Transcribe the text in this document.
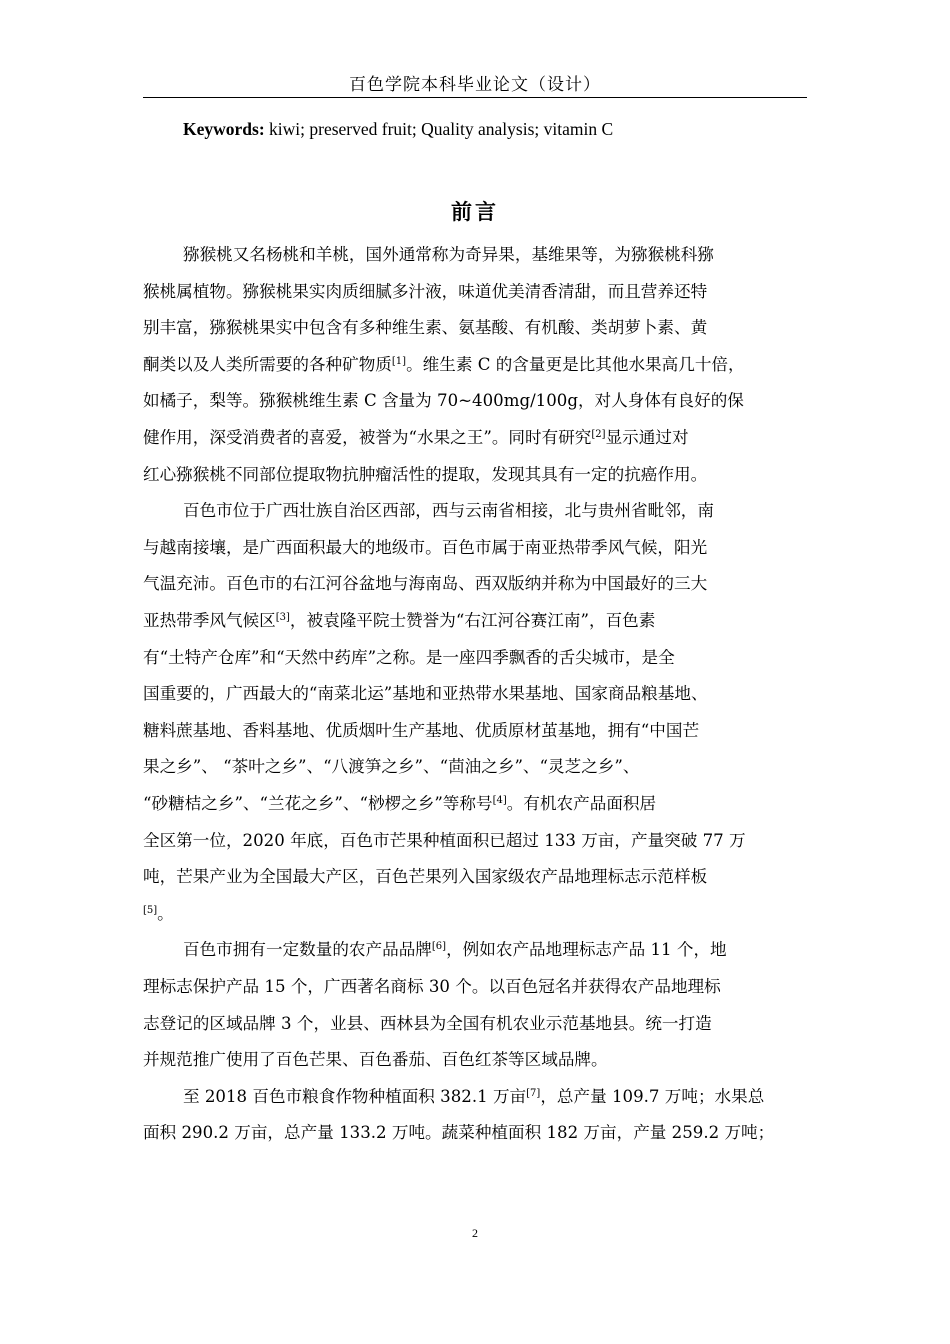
百色学院本科毕业论文（设计）
Keywords: kiwi; preserved fruit; Quality analysis; vitamin C
前言
猕猴桃又名杨桃和羊桃，国外通常称为奇异果，基维果等，为猕猴桃科猕
猴桃属植物。猕猴桃果实肉质细腻多汁液，味道优美清香清甜，而且营养还特
别丰富，猕猴桃果实中包含有多种维生素、氨基酸、有机酸、类胡萝卜素、黄
酮类以及人类所需要的各种矿物质[1]。维生素 C 的含量更是比其他水果高几十倍，
如橘子，梨等。猕猴桃维生素 C 含量为 70~400mg/100g，对人身体有良好的保
健作用，深受消费者的喜爱，被誉为“水果之王”。同时有研究[2]显示通过对
红心猕猴桃不同部位提取物抗肿瘤活性的提取，发现其具有一定的抗癌作用。
百色市位于广西壮族自治区西部，西与云南省相接，北与贵州省毗邻，南
与越南接壤，是广西面积最大的地级市。百色市属于南亚热带季风气候，阳光
气温充沛。百色市的右江河谷盆地与海南岛、西双版纳并称为中国最好的三大
亚热带季风气候区[3]，被袁隆平院士赞誉为“右江河谷赛江南”，百色素
有“土特产仓库”和“天然中药库”之称。是一座四季飘香的舌尖城市，是全
国重要的，广西最大的“南菜北运”基地和亚热带水果基地、国家商品粮基地、
糖料蔗基地、香料基地、优质烟叶生产基地、优质原材茧基地，拥有“中国芒
果之乡”、 “茶叶之乡”、“八渡笋之乡”、“茴油之乡”、“灵芝之乡”、
“砂糖桔之乡”、“兰花之乡”、“桫椤之乡”等称号[4]。有机农产品面积居
全区第一位，2020 年底，百色市芒果种植面积已超过 133 万亩，产量突破 77 万
吨，芒果产业为全国最大产区，百色芒果列入国家级农产品地理标志示范样板
[5]。
百色市拥有一定数量的农产品品牌[6]，例如农产品地理标志产品 11 个，地
理标志保护产品 15 个，广西著名商标 30 个。以百色冠名并获得农产品地理标
志登记的区域品牌 3 个，业县、西林县为全国有机农业示范基地县。统一打造
并规范推广使用了百色芒果、百色番茄、百色红茶等区域品牌。
至 2018 百色市粮食作物种植面积 382.1 万亩[7]，总产量 109.7 万吨；水果总
面积 290.2 万亩，总产量 133.2 万吨。蔬菜种植面积 182 万亩，产量 259.2 万吨；
2
